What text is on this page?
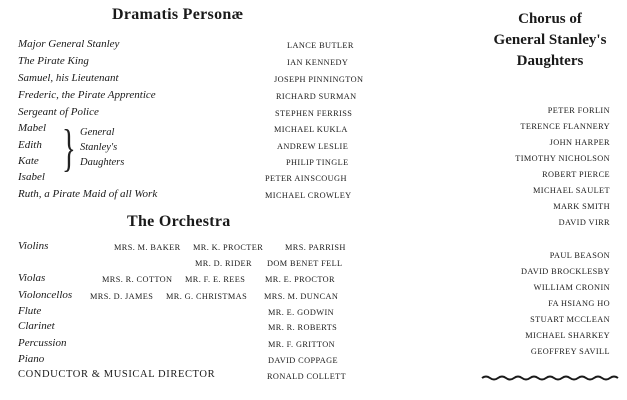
Dramatis Personæ
Major General Stanley	LANCE BUTLER
The Pirate King	IAN KENNEDY
Samuel, his Lieutenant	JOSEPH PINNINGTON
Frederic, the Pirate Apprentice	RICHARD SURMAN
Sergeant of Police	STEPHEN FERRISS
Mabel	MICHAEL KUKLA
Edith	ANDREW LESLIE
Kate	PHILIP TINGLE
Isabel	PETER AINSCOUGH
Ruth, a Pirate Maid of all Work	MICHAEL CROWLEY
} General
Stanley's
Daughters
The Orchestra
Violins	MRS. M. BAKER MR. K. PROCTER	MRS. PARRISH
MR. D. RIDER DOM BENET FELL
Violas	MRS. R. COTTON MR. F. E. REES MR. E. PROCTOR
Violoncellos MRS. D. JAMES MR. G. CHRISTMAS MRS. M. DUNCAN
Flute	MR. E. GODWIN
Clarinet	MR. R. ROBERTS
Percussion	MR. F. GRITTON
Piano	DAVID COPPAGE
CONDUCTOR & MUSICAL DIRECTOR	RONALD COLLETT
Chorus of
General Stanley's
Daughters
PETER FORLIN
TERENCE FLANNERY
JOHN HARPER
TIMOTHY NICHOLSON
ROBERT PIERCE
MICHAEL SAULET
MARK SMITH
DAVID VIRR
PAUL BEASON
DAVID BROCKLESBY
WILLIAM CRONIN
FA HSIANG HO
STUART MCCLEAN
MICHAEL SHARKEY
GEOFFREY SAVILL
